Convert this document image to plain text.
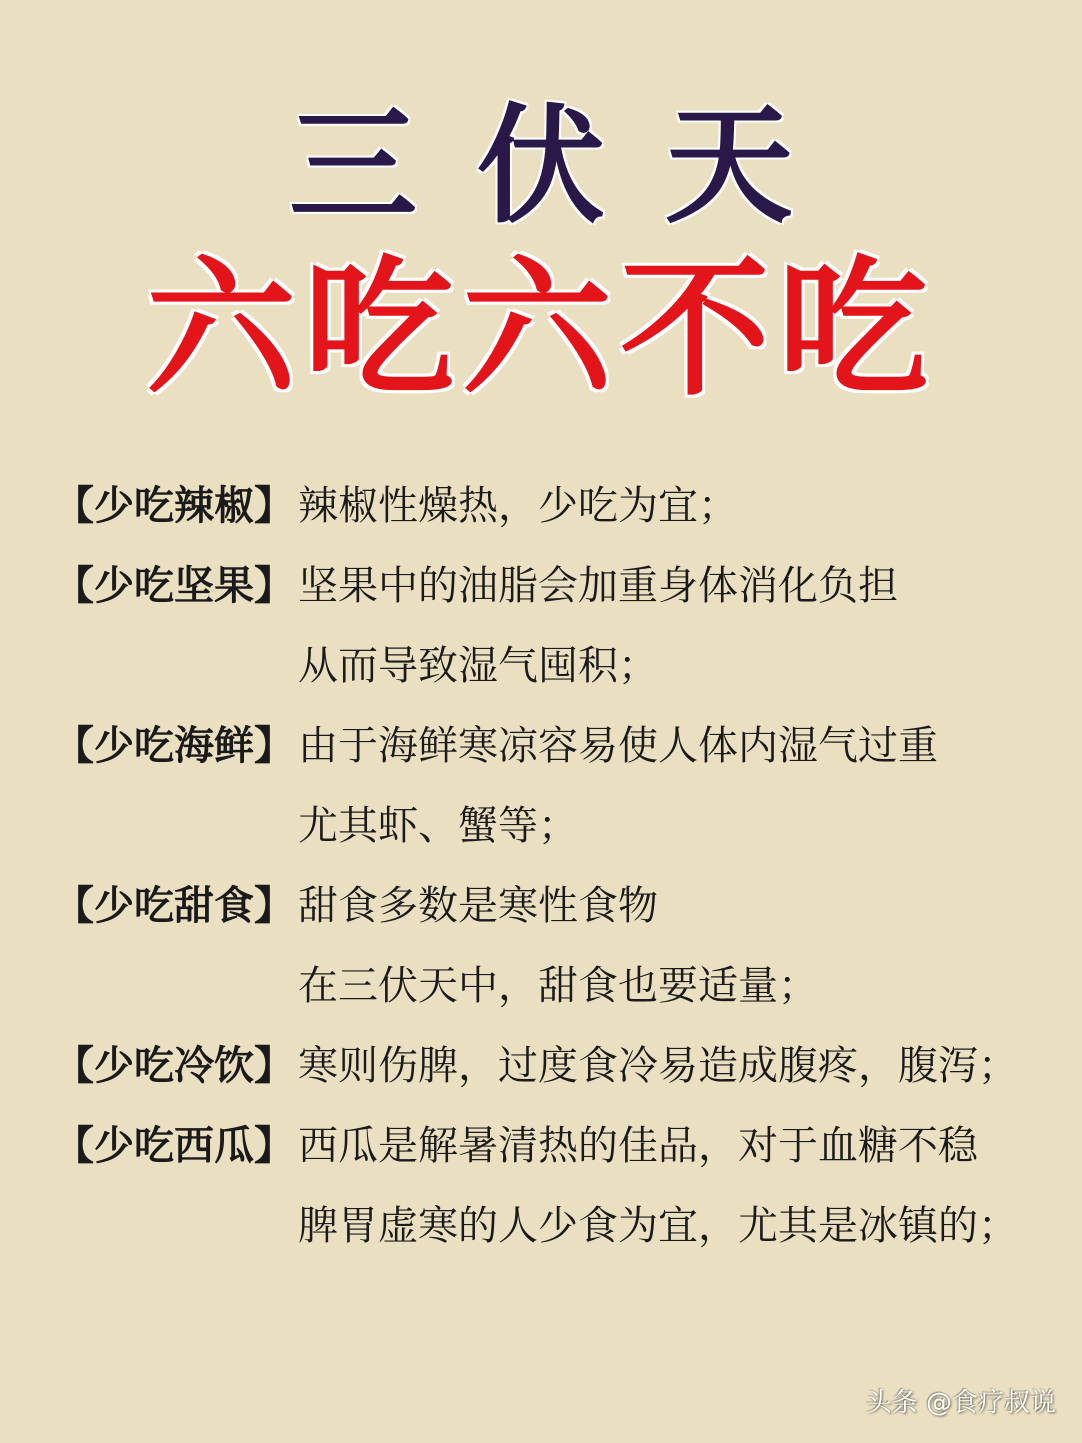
三伏天
六吃六不吃
【少吃辣椒】 辣椒性燥热，少吃为宜；
【少吃坚果】 坚果中的油脂会加重身体消化负担
从而导致湿气囤积；
【少吃海鲜】 由于海鲜寒凉容易使人体内湿气过重
尤其虾、蟹等；
【少吃甜食】 甜食多数是寒性食物
在三伏天中，甜食也要适量；
【少吃冷饮】 寒则伤脾，过度食冷易造成腹疼，腹泻；
【少吃西瓜】 西瓜是解暑清热的佳品，对于血糖不稳
脾胃虚寒的人少食为宜，尤其是冰镇的；
头条 @食疗叔说
